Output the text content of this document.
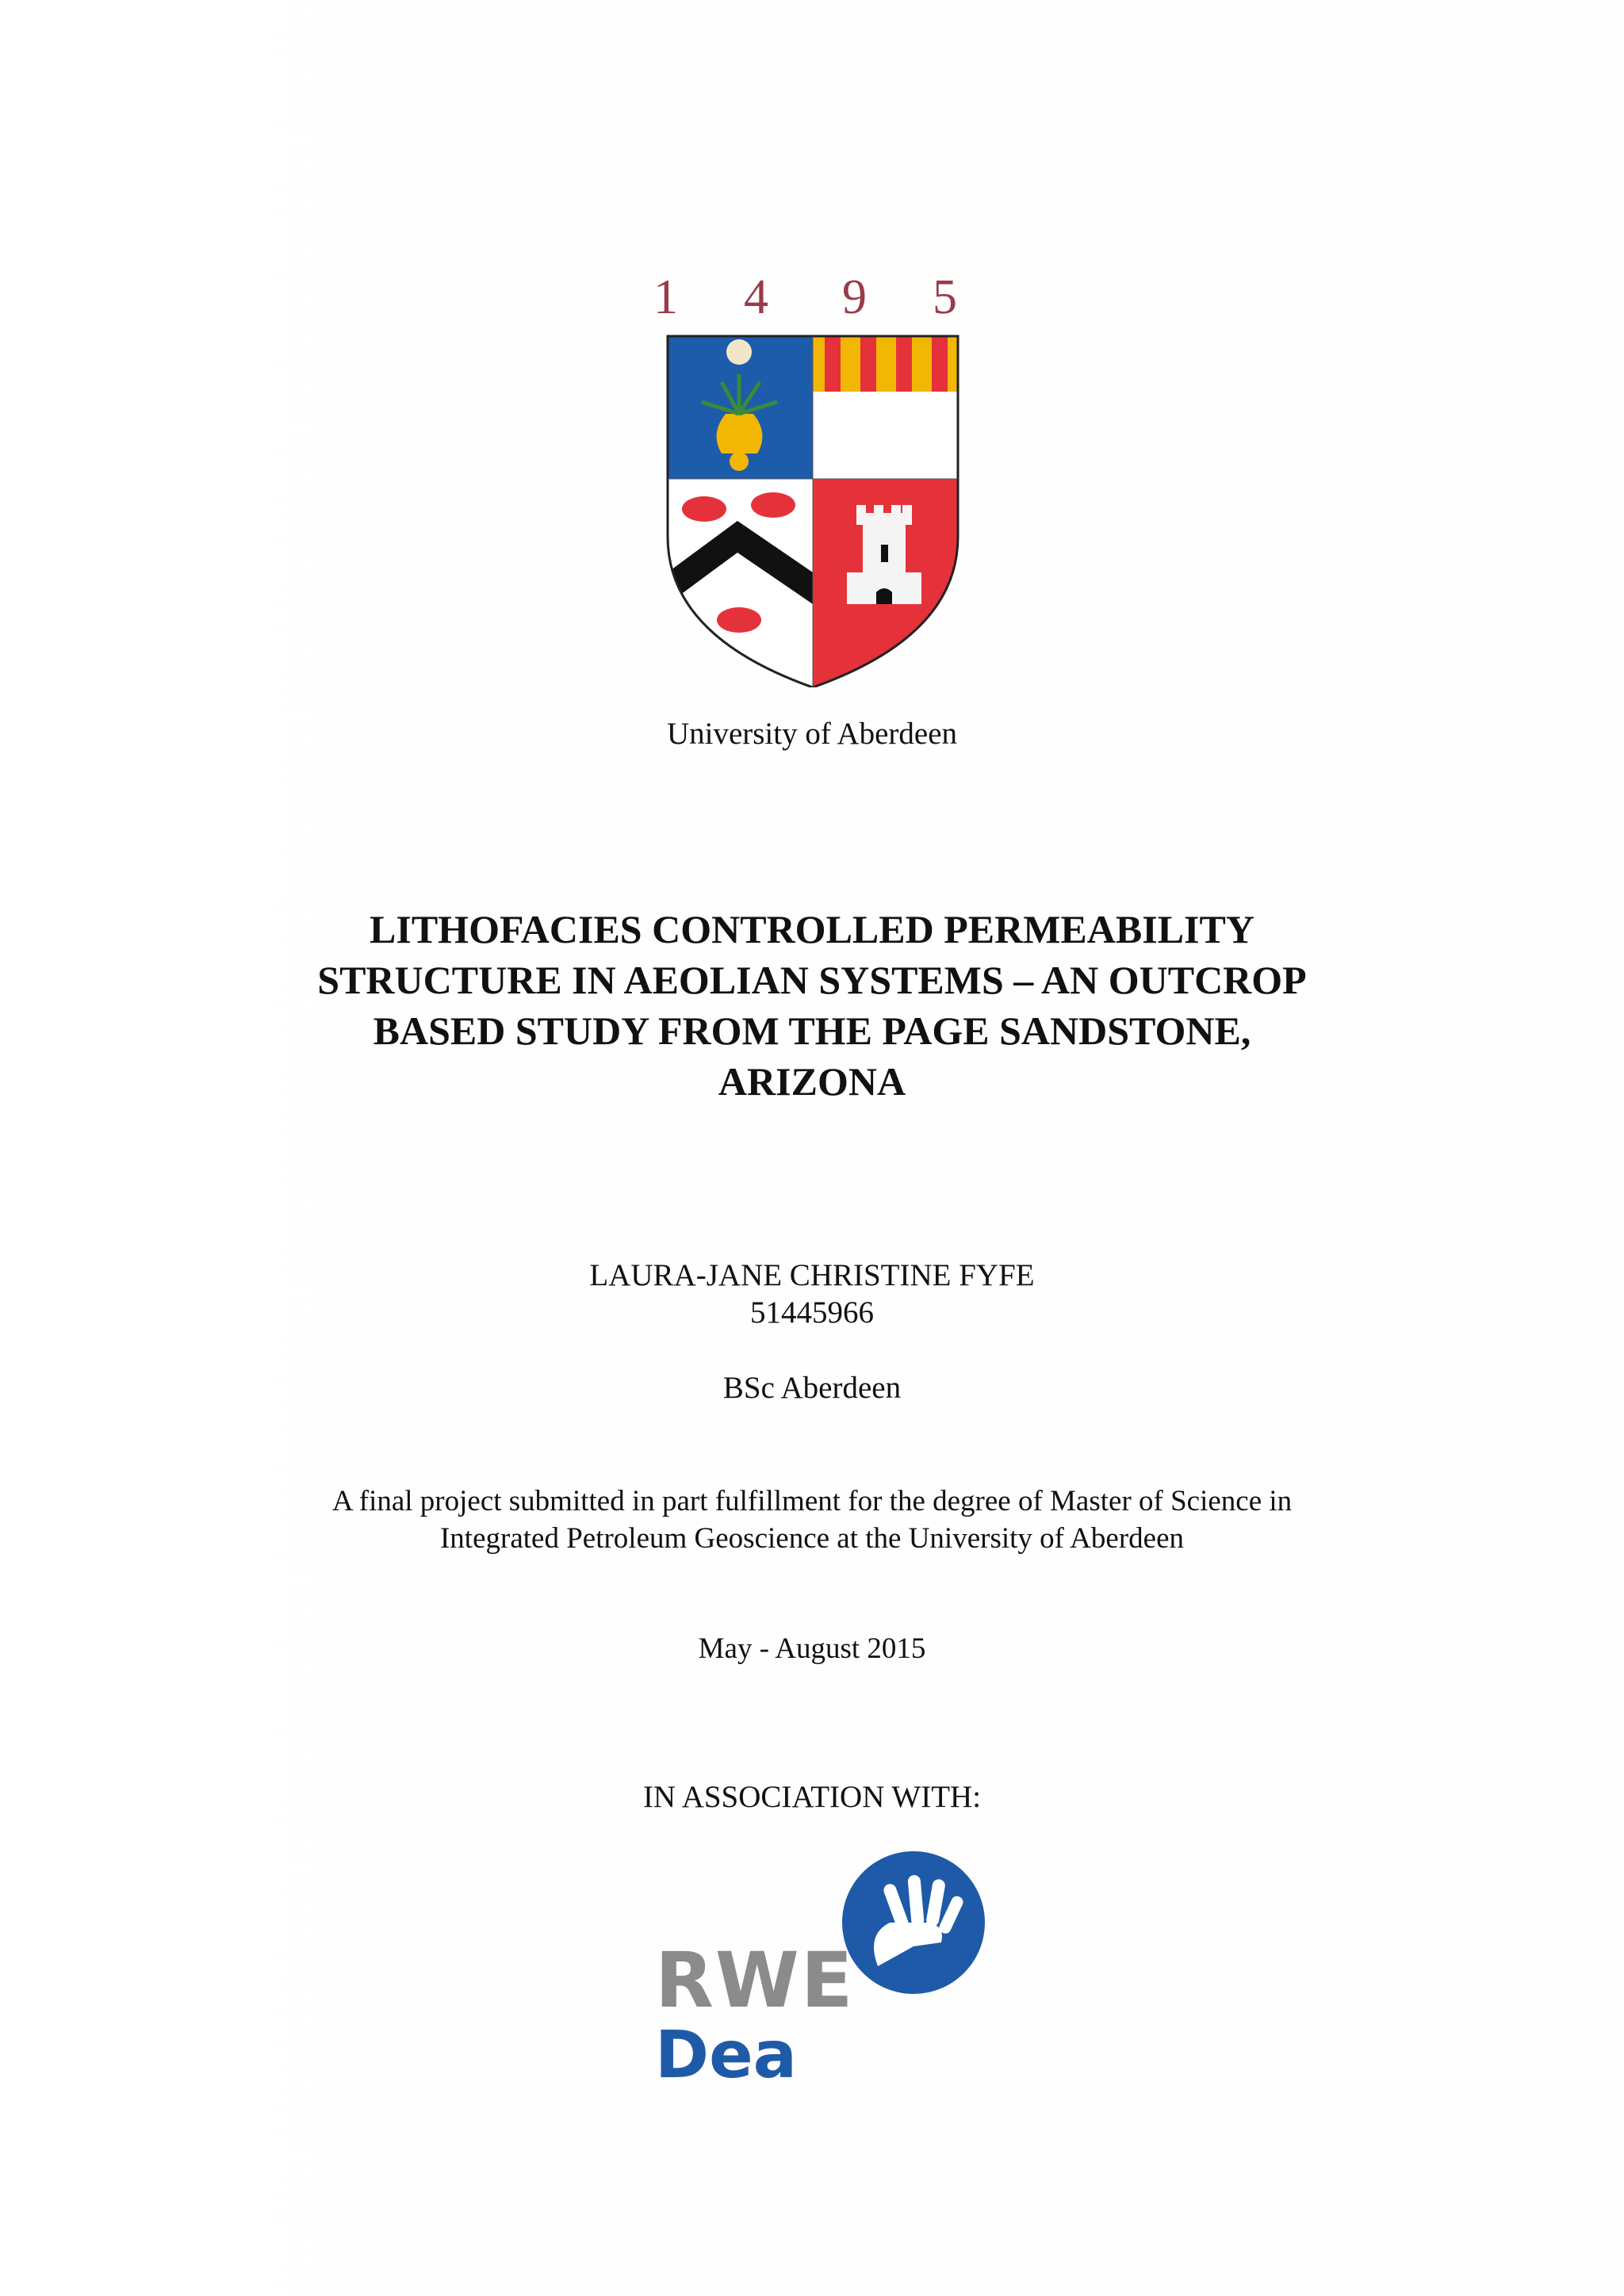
1 4 9 5
University of Aberdeen
LITHOFACIES CONTROLLED PERMEABILITY
STRUCTURE IN AEOLIAN SYSTEMS – AN OUTCROP
BASED STUDY FROM THE PAGE SANDSTONE,
ARIZONA
LAURA-JANE CHRISTINE FYFE
51445966
BSc Aberdeen
A final project submitted in part fulfillment for the degree of Master of Science in
Integrated Petroleum Geoscience at the University of Aberdeen
May - August 2015
IN ASSOCIATION WITH:
RWE
Dea
